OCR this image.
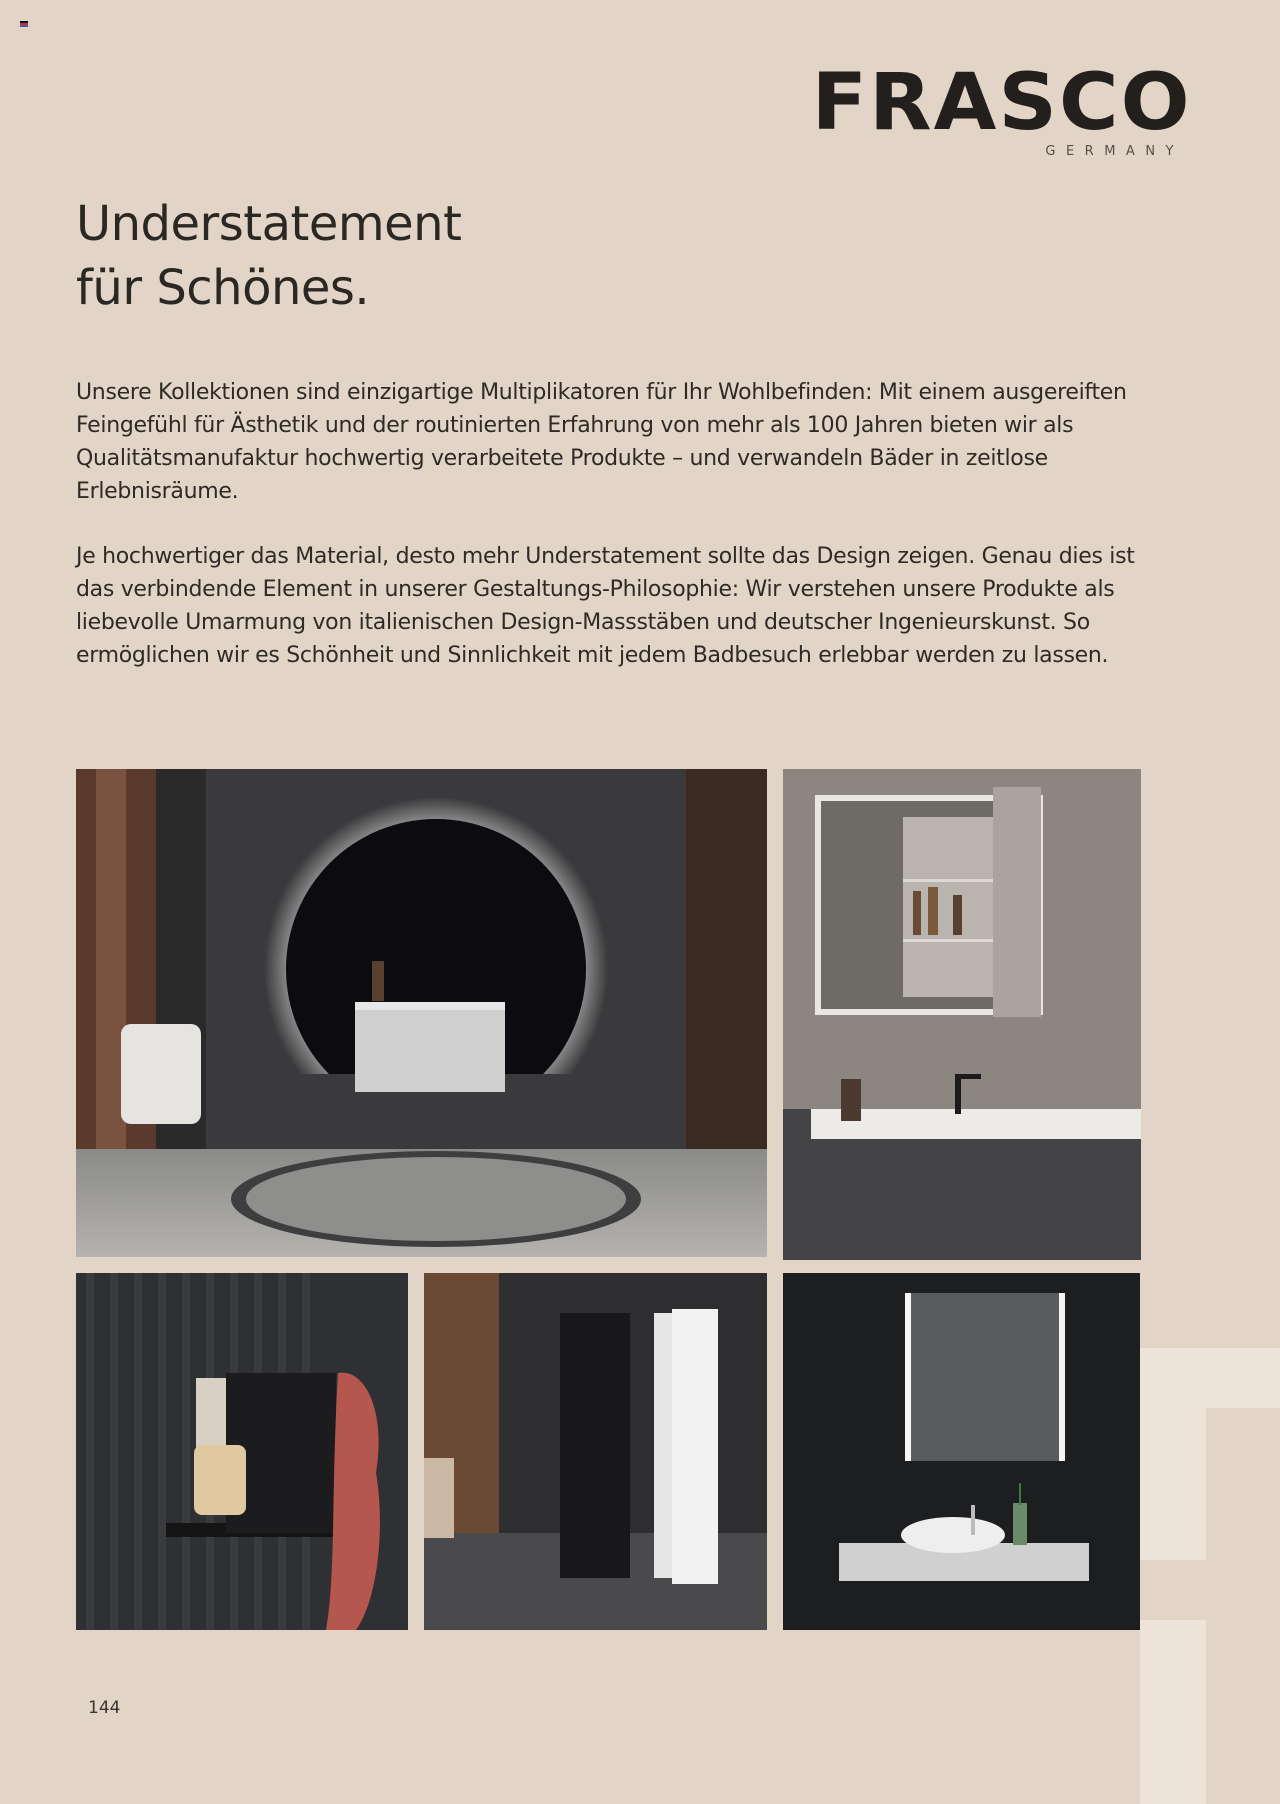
FRASCO
GERMANY
Understatement
für Schönes.

Unsere Kollektionen sind einzigartige Multiplikatoren für Ihr Wohlbefinden: Mit einem ausgereiften Feingefühl für Ästhetik und der routinierten Erfahrung von mehr als 100 Jahren bieten wir als Qualitätsmanufaktur hochwertig verarbeitete Produkte – und verwandeln Bäder in zeitlose Erlebnisräume.

Je hochwertiger das Material, desto mehr Understatement sollte das Design zeigen. Genau dies ist das verbindende Element in unserer Gestaltungs-Philosophie: Wir verstehen unsere Produkte als liebevolle Umarmung von italienischen Design-Massstäben und deutscher Ingenieurskunst. So ermöglichen wir es Schönheit und Sinnlichkeit mit jedem Badbesuch erlebbar werden zu lassen.

144
